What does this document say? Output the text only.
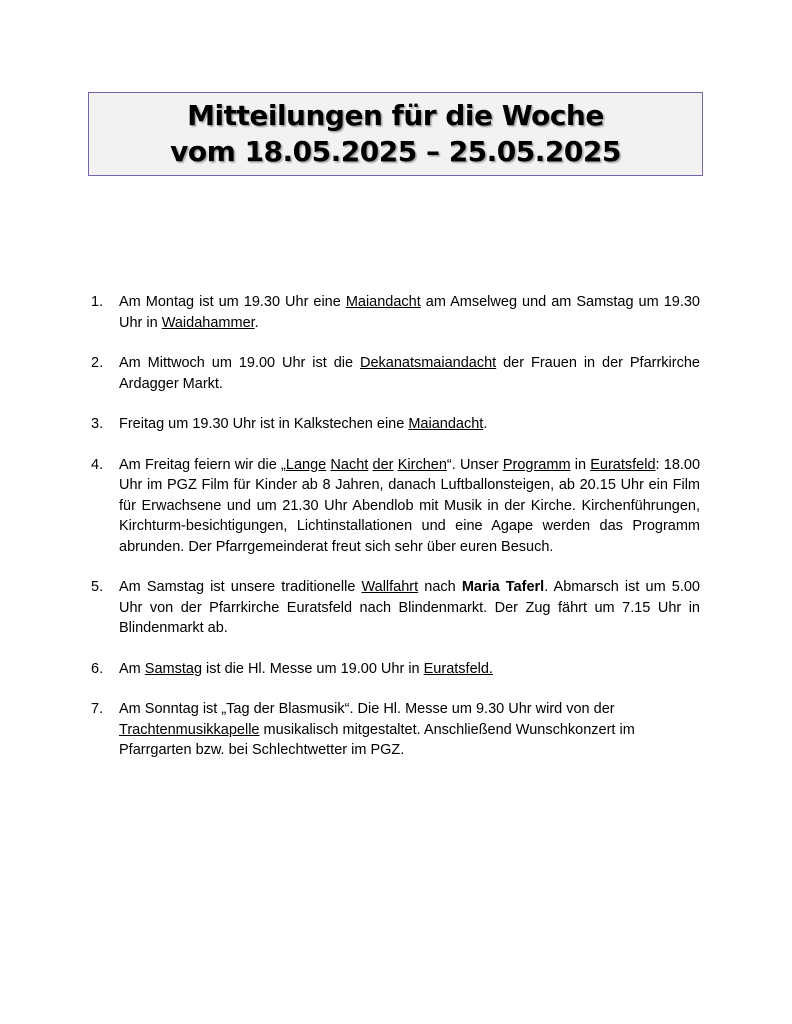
Mitteilungen für die Woche
vom 18.05.2025 – 25.05.2025
1.	Am Montag ist um 19.30 Uhr eine Maiandacht am Amselweg und am Samstag um 19.30 Uhr in Waidahammer.
2.	Am Mittwoch um 19.00 Uhr ist die Dekanatsmaiandacht der Frauen in der Pfarrkirche Ardagger Markt.
3.	Freitag um 19.30 Uhr ist in Kalkstechen eine Maiandacht.
4.	Am Freitag feiern wir die „Lange Nacht der Kirchen“. Unser Programm in Euratsfeld: 18.00 Uhr im PGZ Film für Kinder ab 8 Jahren, danach Luftballonsteigen, ab 20.15 Uhr ein Film für Erwachsene und um 21.30 Uhr Abendlob mit Musik in der Kirche. Kirchenführungen, Kirchturm-besichtigungen, Lichtinstallationen und eine Agape werden das Programm abrunden. Der Pfarrgemeinderat freut sich sehr über euren Besuch.
5.	Am Samstag ist unsere traditionelle Wallfahrt nach Maria Taferl. Abmarsch ist um 5.00 Uhr von der Pfarrkirche Euratsfeld nach Blindenmarkt. Der Zug fährt um 7.15 Uhr in Blindenmarkt ab.
6.	Am Samstag ist die Hl. Messe um 19.00 Uhr in Euratsfeld.
7.	Am Sonntag ist „Tag der Blasmusik“. Die Hl. Messe um 9.30 Uhr wird von der Trachtenmusikkapelle musikalisch mitgestaltet. Anschließend Wunschkonzert im Pfarrgarten bzw. bei Schlechtwetter im PGZ.
